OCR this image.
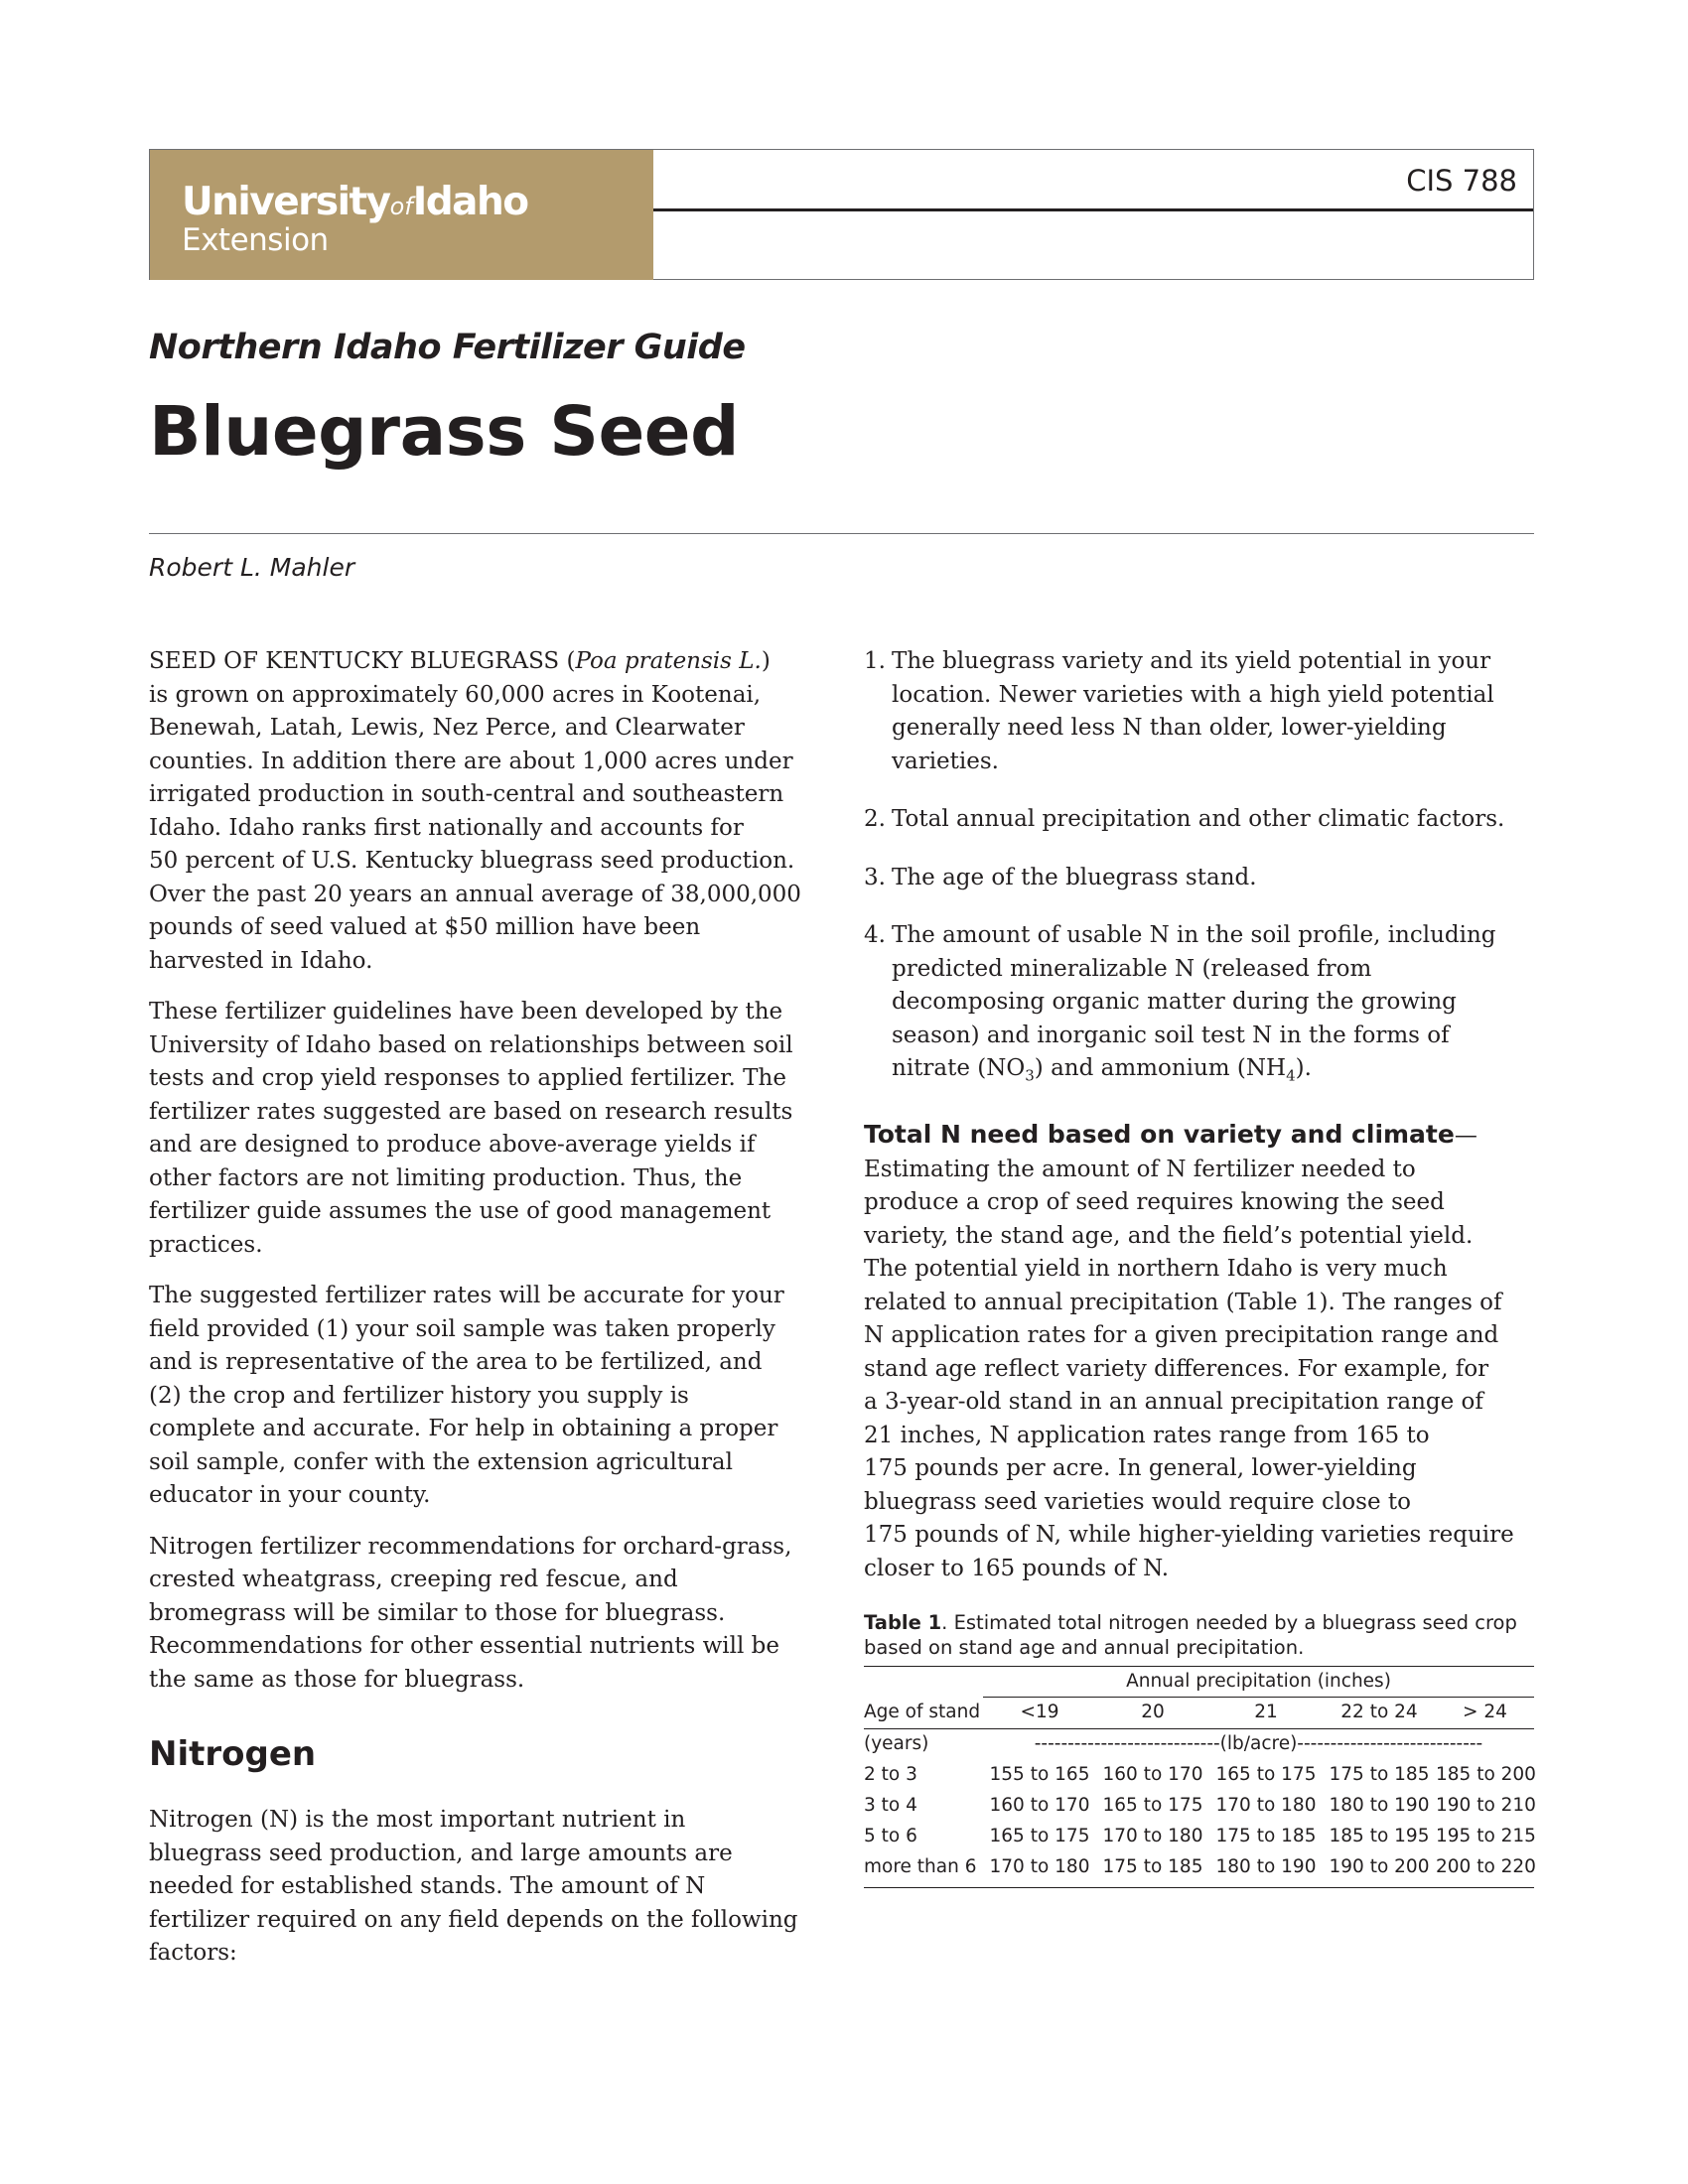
UniversityofIdaho
Extension
CIS 788
Northern Idaho Fertilizer Guide
Bluegrass Seed
Robert L. Mahler

SEED OF KENTUCKY BLUEGRASS (Poa pratensis L.)
is grown on approximately 60,000 acres in Kootenai,
Benewah, Latah, Lewis, Nez Perce, and Clearwater
counties. In addition there are about 1,000 acres under
irrigated production in south-central and southeastern
Idaho. Idaho ranks first nationally and accounts for
50 percent of U.S. Kentucky bluegrass seed production.
Over the past 20 years an annual average of 38,000,000
pounds of seed valued at $50 million have been
harvested in Idaho.

These fertilizer guidelines have been developed by the
University of Idaho based on relationships between soil
tests and crop yield responses to applied fertilizer. The
fertilizer rates suggested are based on research results
and are designed to produce above-average yields if
other factors are not limiting production. Thus, the
fertilizer guide assumes the use of good management
practices.

The suggested fertilizer rates will be accurate for your
field provided (1) your soil sample was taken properly
and is representative of the area to be fertilized, and
(2) the crop and fertilizer history you supply is
complete and accurate. For help in obtaining a proper
soil sample, confer with the extension agricultural
educator in your county.

Nitrogen fertilizer recommendations for orchard-grass,
crested wheatgrass, creeping red fescue, and
bromegrass will be similar to those for bluegrass.
Recommendations for other essential nutrients will be
the same as those for bluegrass.

Nitrogen

Nitrogen (N) is the most important nutrient in
bluegrass seed production, and large amounts are
needed for established stands. The amount of N
fertilizer required on any field depends on the following
factors:

1. The bluegrass variety and its yield potential in your
location. Newer varieties with a high yield potential
generally need less N than older, lower-yielding
varieties.
2. Total annual precipitation and other climatic factors.
3. The age of the bluegrass stand.
4. The amount of usable N in the soil profile, including
predicted mineralizable N (released from
decomposing organic matter during the growing
season) and inorganic soil test N in the forms of
nitrate $(NO_3)$ and ammonium $(NH_4)$.

Total N need based on variety and climate—
Estimating the amount of N fertilizer needed to
produce a crop of seed requires knowing the seed
variety, the stand age, and the field’s potential yield.
The potential yield in northern Idaho is very much
related to annual precipitation (Table 1). The ranges of
N application rates for a given precipitation range and
stand age reflect variety differences. For example, for
a 3-year-old stand in an annual precipitation range of
21 inches, N application rates range from 165 to
175 pounds per acre. In general, lower-yielding
bluegrass seed varieties would require close to
175 pounds of N, while higher-yielding varieties require
closer to 165 pounds of N.

Table 1. Estimated total nitrogen needed by a bluegrass seed crop
based on stand age and annual precipitation.
Annual precipitation (inches)
Age of stand	<19	20	21	22 to 24	> 24
(years)	----------------------------(lb/acre)----------------------------
2 to 3	155 to 165 160 to 170 165 to 175 175 to 185 185 to 200
3 to 4	160 to 170 165 to 175 170 to 180 180 to 190 190 to 210
5 to 6	165 to 175 170 to 180 175 to 185 185 to 195 195 to 215
more than 6 170 to 180 175 to 185 180 to 190 190 to 200 200 to 220
